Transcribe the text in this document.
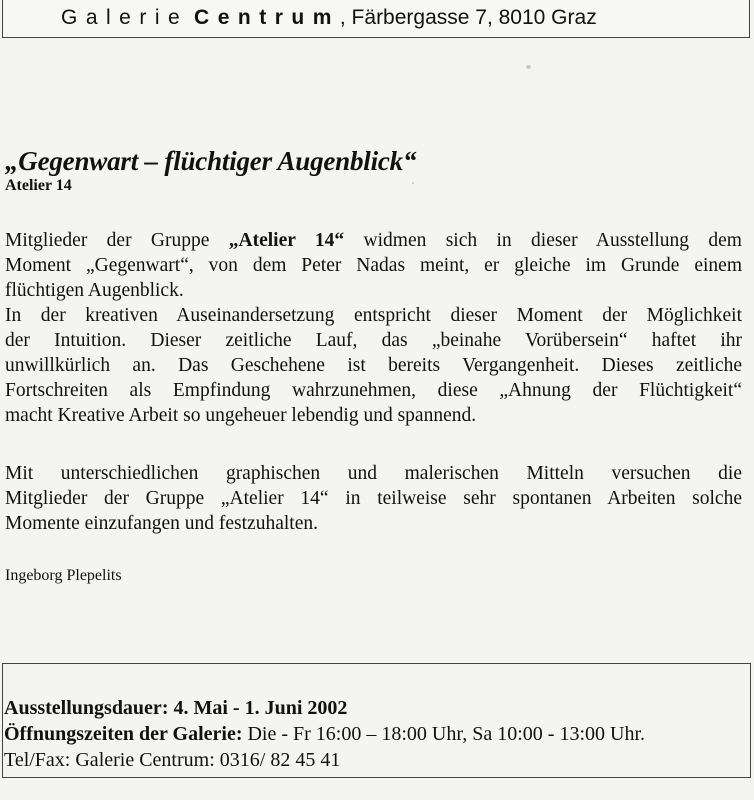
Galerie Centrum, Färbergasse 7, 8010 Graz
„Gegenwart – flüchtiger Augenblick“
Atelier 14
Mitglieder der Gruppe „Atelier 14“ widmen sich in dieser Ausstellung dem
Moment „Gegenwart“, von dem Peter Nadas meint, er gleiche im Grunde einem
flüchtigen Augenblick.
In der kreativen Auseinandersetzung entspricht dieser Moment der Möglichkeit
der Intuition. Dieser zeitliche Lauf, das „beinahe Vorübersein“ haftet ihr
unwillkürlich an. Das Geschehene ist bereits Vergangenheit. Dieses zeitliche
Fortschreiten als Empfindung wahrzunehmen, diese „Ahnung der Flüchtigkeit“
macht Kreative Arbeit so ungeheuer lebendig und spannend.
Mit unterschiedlichen graphischen und malerischen Mitteln versuchen die
Mitglieder der Gruppe „Atelier 14“ in teilweise sehr spontanen Arbeiten solche
Momente einzufangen und festzuhalten.
Ingeborg Plepelits
Ausstellungsdauer: 4. Mai - 1. Juni 2002
Öffnungszeiten der Galerie: Die - Fr 16:00 – 18:00 Uhr, Sa 10:00 - 13:00 Uhr.
Tel/Fax: Galerie Centrum: 0316/ 82 45 41
